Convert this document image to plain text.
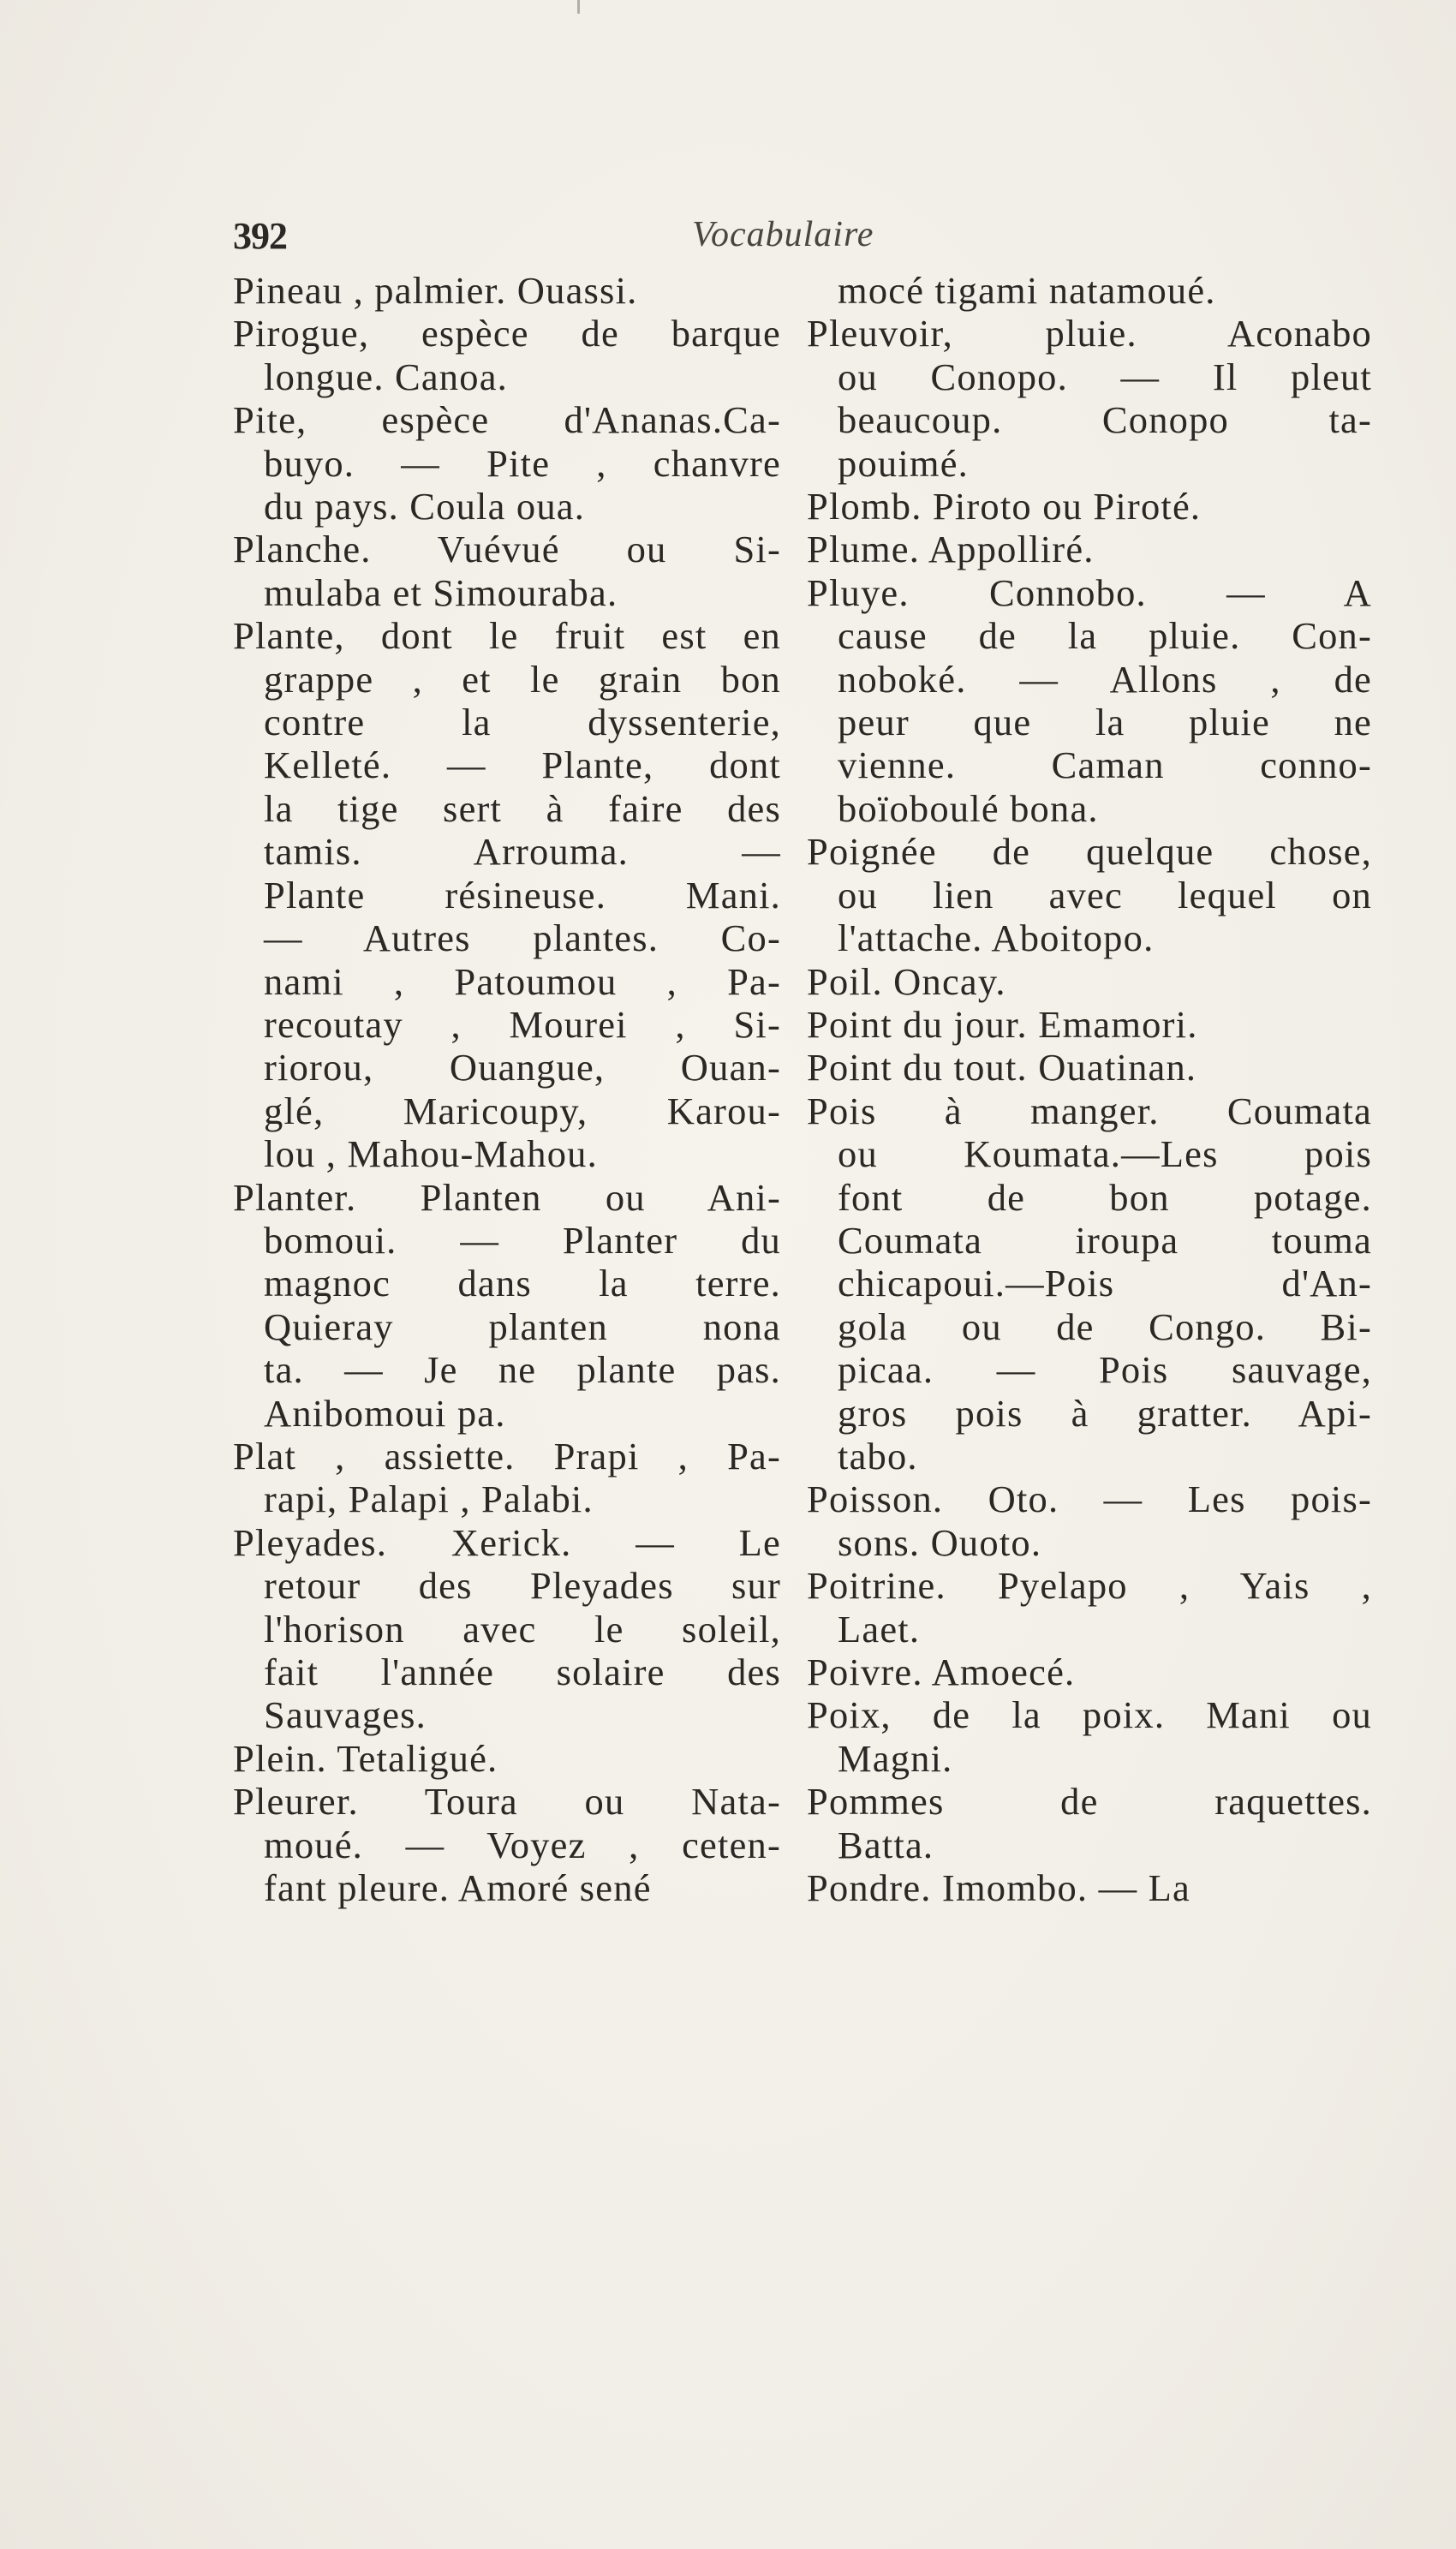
392	Vocabulaire
Pineau , palmier. Ouassi.
Pirogue, espèce de barque
longue. Canoa.
Pite, espèce d'Ananas.Ca-
buyo. — Pite , chanvre
du pays. Coula oua.
Planche. Vuévué ou Si-
mulaba et Simouraba.
Plante, dont le fruit est en
grappe , et le grain bon
contre la dyssenterie,
Kelleté. — Plante, dont
la tige sert à faire des
tamis. Arrouma. —
Plante résineuse. Mani.
— Autres plantes. Co-
nami , Patoumou , Pa-
recoutay , Mourei , Si-
riorou, Ouangue, Ouan-
glé, Maricoupy, Karou-
lou , Mahou-Mahou.
Planter. Planten ou Ani-
bomoui. — Planter du
magnoc dans la terre.
Quieray planten nona
ta. — Je ne plante pas.
Anibomoui pa.
Plat , assiette. Prapi , Pa-
rapi, Palapi , Palabi.
Pleyades. Xerick. — Le
retour des Pleyades sur
l'horison avec le soleil,
fait l'année solaire des
Sauvages.
Plein. Tetaligué.
Pleurer. Toura ou Nata-
moué. — Voyez , ceten-
fant pleure. Amoré sené
mocé tigami natamoué.
Pleuvoir, pluie. Aconabo
ou Conopo. — Il pleut
beaucoup. Conopo ta-
pouimé.
Plomb. Piroto ou Piroté.
Plume. Appolliré.
Pluye. Connobo. — A
cause de la pluie. Con-
noboké. — Allons , de
peur que la pluie ne
vienne. Caman conno-
boïoboulé bona.
Poignée de quelque chose,
ou lien avec lequel on
l'attache. Aboitopo.
Poil. Oncay.
Point du jour. Emamori.
Point du tout. Ouatinan.
Pois à manger. Coumata
ou Koumata.—Les pois
font de bon potage.
Coumata iroupa touma
chicapoui.—Pois d'An-
gola ou de Congo. Bi-
picaa. — Pois sauvage,
gros pois à gratter. Api-
tabo.
Poisson. Oto. — Les pois-
sons. Ouoto.
Poitrine. Pyelapo , Yais ,
Laet.
Poivre. Amoecé.
Poix, de la poix. Mani ou
Magni.
Pommes de raquettes.
Batta.
Pondre. Imombo. — La
